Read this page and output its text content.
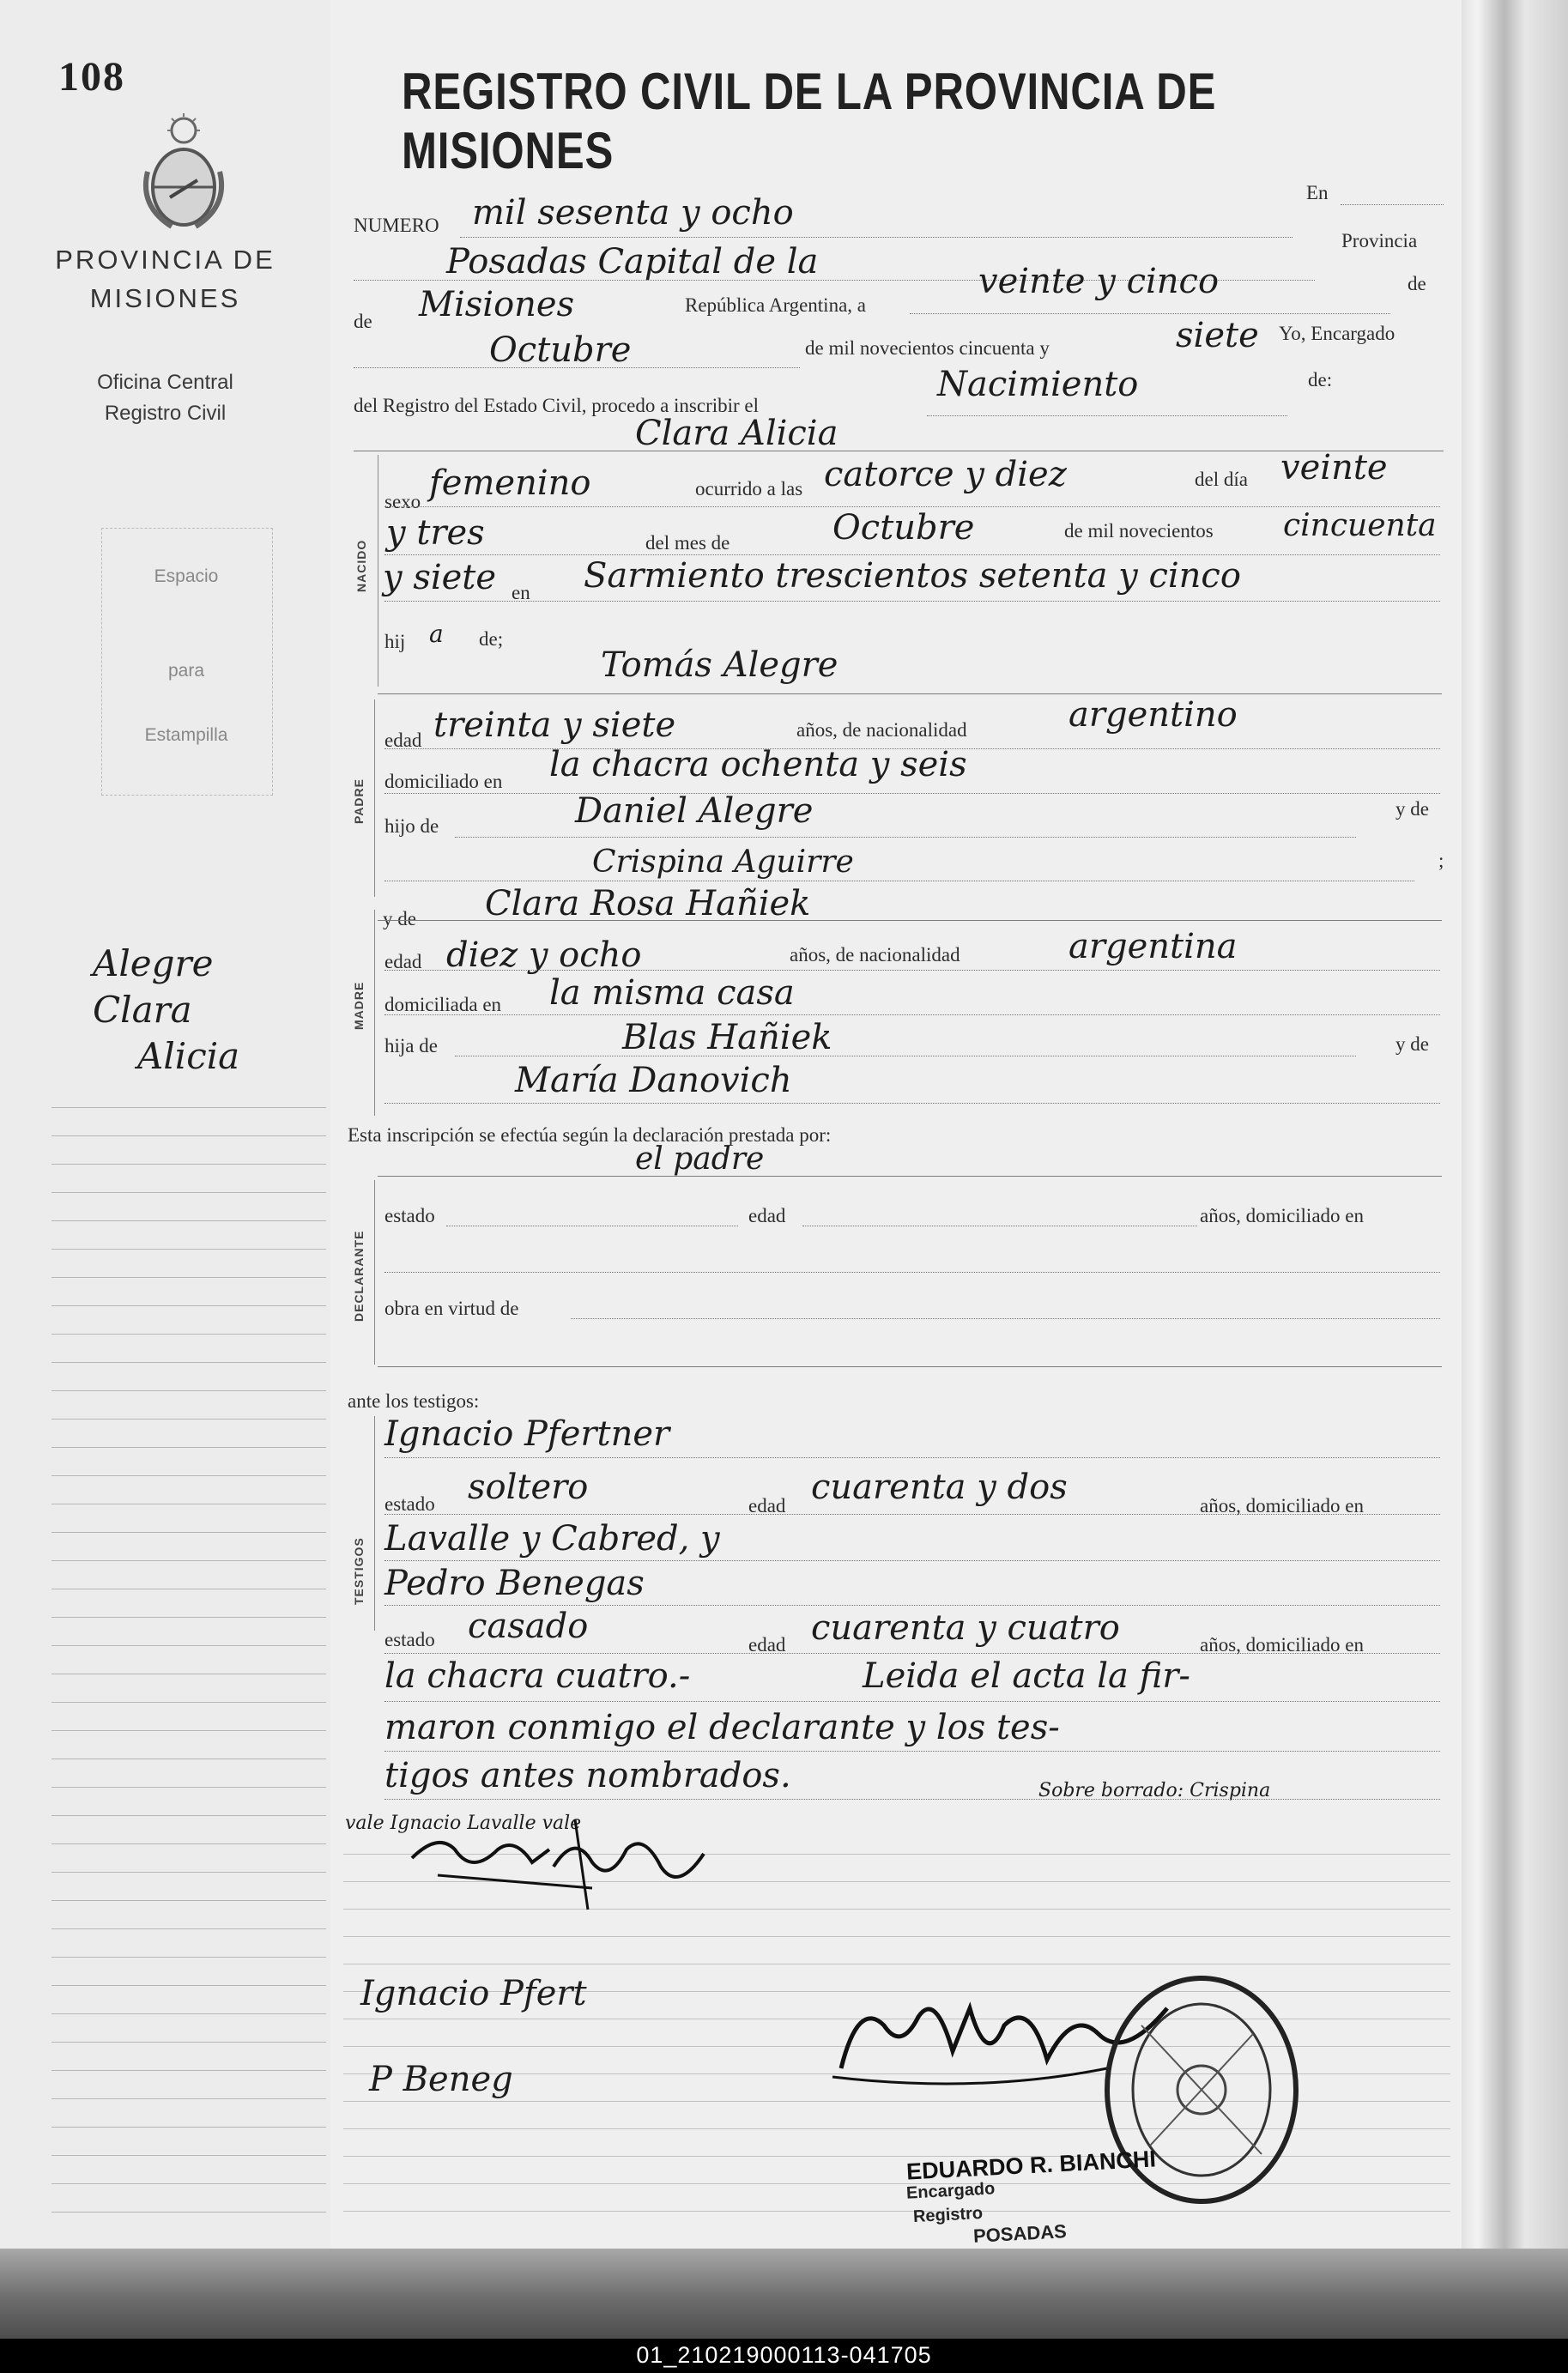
01_210219000113-041705
108
PROVINCIA DE
MISIONES
Oficina Central
Registro Civil
Espacio
para
Estampilla
Alegre
Clara
Alicia
REGISTRO CIVIL DE LA PROVINCIA DE MISIONES
NUMERO mil sesenta y ocho
En
Posadas Capital de la
Provincia
de Misiones	República Argentina, a
veinte y cinco	de
Octubre	de mil novecientos cincuenta y	siete Yo, Encargado
del Registro del Estado Civil, procedo a inscribir el
Nacimiento	de:
Clara Alicia
NACIDO
sexo femenino	ocurrido a las catorce y diez	del día veinte
y tres	del mes de	Octubre	de mil novecientos cincuenta
y siete en Sarmiento trescientos setenta y cinco
hij a de;
Tomás Alegre
PADRE
edad treinta y siete	años, de nacionalidad	argentino
domiciliado en la chacra ochenta y seis
hijo de	Daniel Alegre	y de
Crispina Aguirre	;
y de Clara Rosa Hañiek
MADRE
edad diez y ocho	años, de nacionalidad	argentina
domiciliada en la misma casa
hija de	Blas Hañiek	y de
María Danovich
Esta inscripción se efectúa según la declaración prestada por:
el padre
DECLARANTE
estado	edad	años, domiciliado en
obra en virtud de
ante los testigos:
TESTIGOS
Ignacio Pfertner
estado soltero	edad cuarenta y dos	años, domiciliado en
Lavalle y Cabred, y
Pedro Benegas
estado casado	edad cuarenta y cuatro	años, domiciliado en
la chacra cuatro.-	Leida el acta la fir-
maron conmigo el declarante y los tes-
tigos antes nombrados.	Sobre borrado: Crispina
vale Ignacio Lavalle vale
Ignacio Pfert
P Beneg
EDUARDO R. BIANCHI
Encargado
Registro
POSADAS
